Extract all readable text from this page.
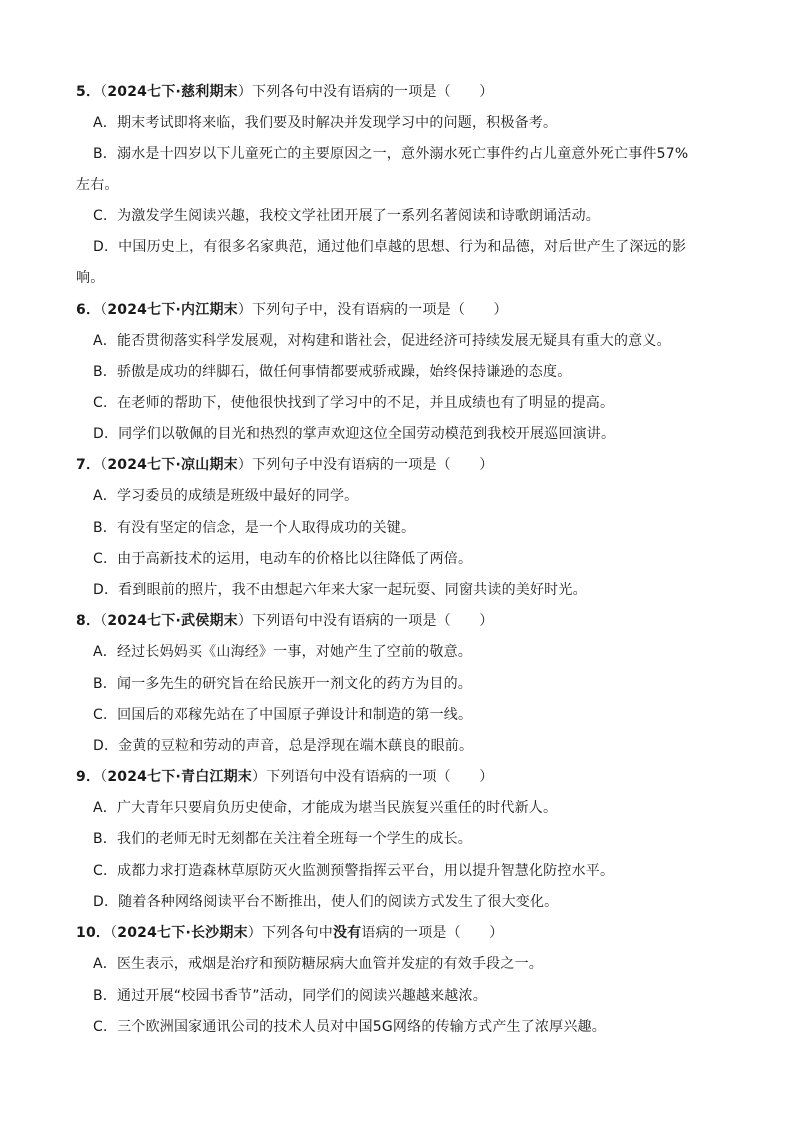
5．（2024七下·慈利期末）下列各句中没有语病的一项是（　　）
A．期末考试即将来临，我们要及时解决并发现学习中的问题，积极备考。
B．溺水是十四岁以下儿童死亡的主要原因之一，意外溺水死亡事件约占儿童意外死亡事件57%
左右。
C．为激发学生阅读兴趣，我校文学社团开展了一系列名著阅读和诗歌朗诵活动。
D．中国历史上，有很多名家典范，通过他们卓越的思想、行为和品德，对后世产生了深远的影
响。
6．（2024七下·内江期末）下列句子中，没有语病的一项是（　　）
A．能否贯彻落实科学发展观，对构建和谐社会，促进经济可持续发展无疑具有重大的意义。
B．骄傲是成功的绊脚石，做任何事情都要戒骄戒躁，始终保持谦逊的态度。
C．在老师的帮助下，使他很快找到了学习中的不足，并且成绩也有了明显的提高。
D．同学们以敬佩的目光和热烈的掌声欢迎这位全国劳动模范到我校开展巡回演讲。
7．（2024七下·凉山期末）下列句子中没有语病的一项是（　　）
A．学习委员的成绩是班级中最好的同学。
B．有没有坚定的信念，是一个人取得成功的关键。
C．由于高新技术的运用，电动车的价格比以往降低了两倍。
D．看到眼前的照片，我不由想起六年来大家一起玩耍、同窗共读的美好时光。
8．（2024七下·武侯期末）下列语句中没有语病的一项是（　　）
A．经过长妈妈买《山海经》一事，对她产生了空前的敬意。
B．闻一多先生的研究旨在给民族开一剂文化的药方为目的。
C．回国后的邓稼先站在了中国原子弹设计和制造的第一线。
D．金黄的豆粒和劳动的声音，总是浮现在端木蕻良的眼前。
9．（2024七下·青白江期末）下列语句中没有语病的一项（　　）
A．广大青年只要肩负历史使命，才能成为堪当民族复兴重任的时代新人。
B．我们的老师无时无刻都在关注着全班每一个学生的成长。
C．成都力求打造森林草原防灭火监测预警指挥云平台，用以提升智慧化防控水平。
D．随着各种网络阅读平台不断推出，使人们的阅读方式发生了很大变化。
10．（2024七下·长沙期末）下列各句中没有语病的一项是（　　）
A．医生表示，戒烟是治疗和预防糖尿病大血管并发症的有效手段之一。
B．通过开展“校园书香节”活动，同学们的阅读兴趣越来越浓。
C．三个欧洲国家通讯公司的技术人员对中国5G网络的传输方式产生了浓厚兴趣。
